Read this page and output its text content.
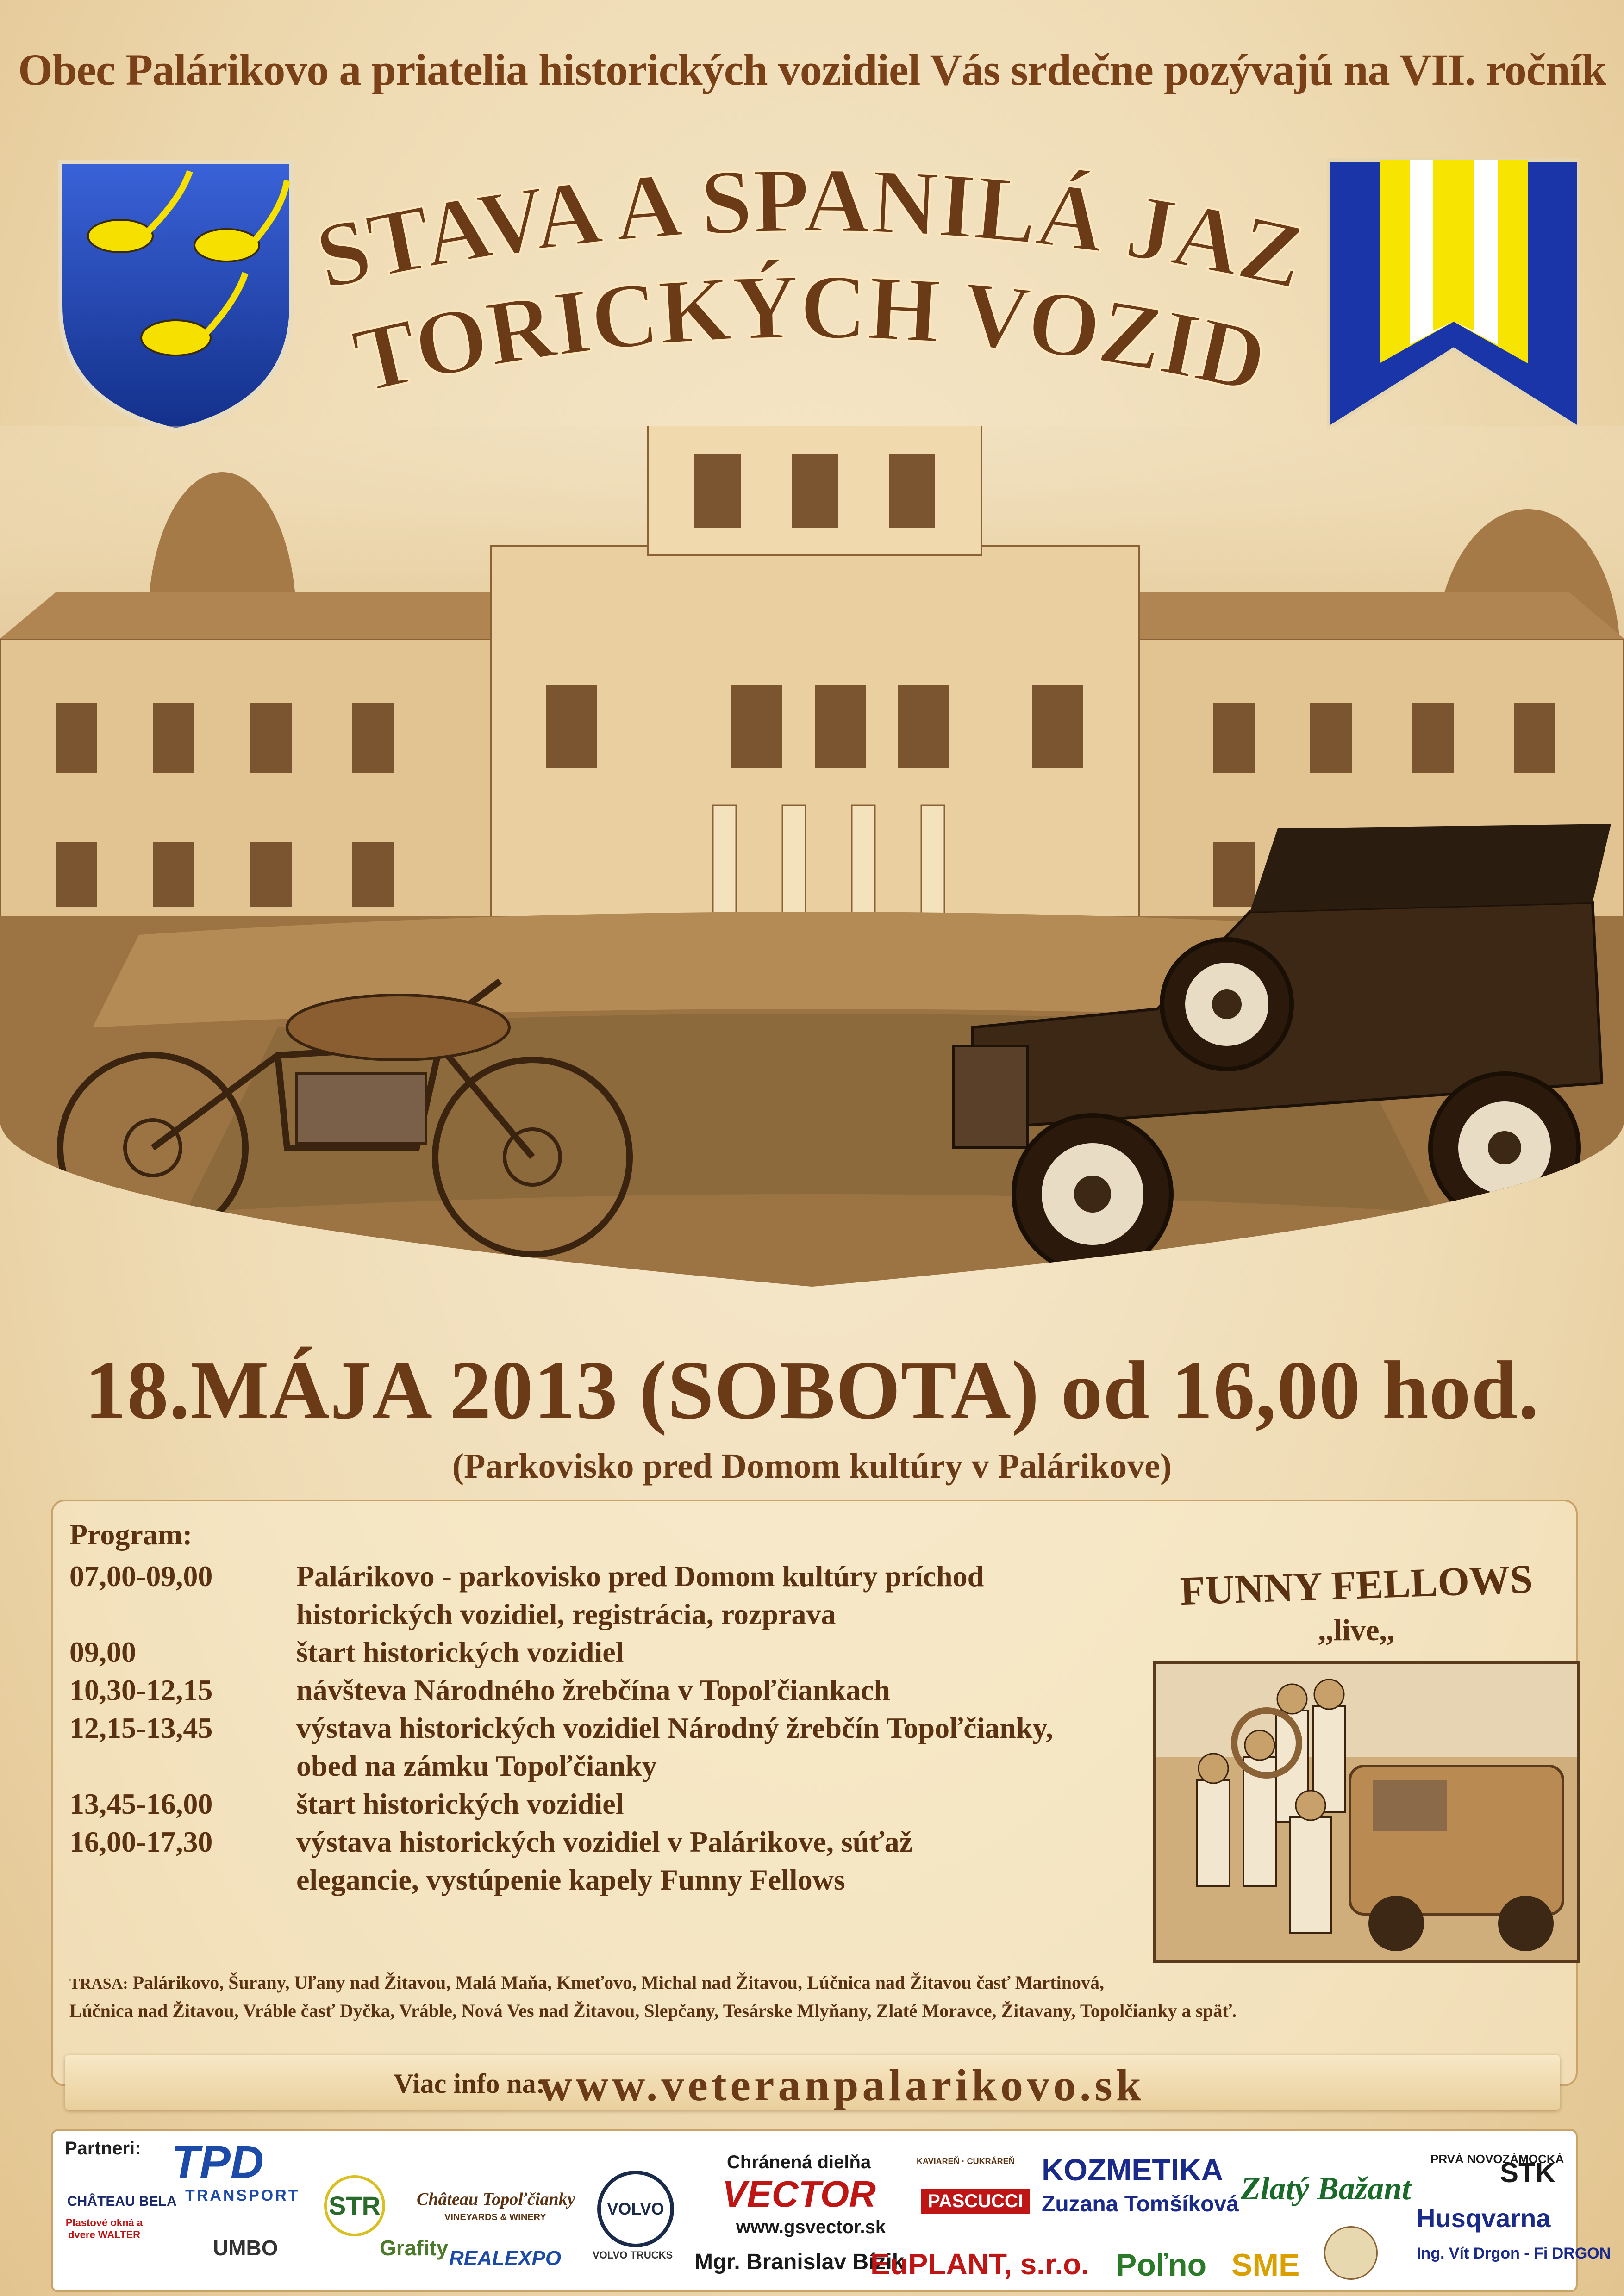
Obec Palárikovo a priatelia historických vozidiel Vás srdečne pozývajú na VII. ročník
STAVA A SPANILÁ JAZ
TORICKÝCH VOZID
18.MÁJA 2013 (SOBOTA) od 16,00 hod.
(Parkovisko pred Domom kultúry v Palárikove)
Program:
07,00-09,00	Palárikovo - parkovisko pred Domom kultúry príchod
historických vozidiel, registrácia, rozprava
09,00	štart historických vozidiel
10,30-12,15	návšteva Národného žrebčína v Topoľčiankach
12,15-13,45	výstava historických vozidiel Národný žrebčín Topoľčianky,
obed na zámku Topoľčianky
13,45-16,00	štart historických vozidiel
16,00-17,30	výstava historických vozidiel v Palárikove, súťaž
elegancie, vystúpenie kapely Funny Fellows
FUNNY FELLOWS
,,live,,
TRASA: Palárikovo, Šurany, Uľany nad Žitavou, Malá Maňa, Kmeťovo, Michal nad Žitavou, Lúčnica nad Žitavou časť Martinová,
Lúčnica nad Žitavou, Vráble časť Dyčka, Vráble, Nová Ves nad Žitavou, Slepčany, Tesárske Mlyňany, Zlaté Moravce, Žitavany, Topolčianky a späť.
Viac info na:
www.veteranpalarikovo.sk
Partneri:
CHÂTEAU BELA
Plastové okná a dvere WALTER
TPD
TRANSPORT
UMBO
STR
Grafity
Château Topoľčianky
VINEYARDS & WINERY
REALEXPO
VOLVO
VOLVO TRUCKS Mgr. Branislav Bízik
Chránená dielňa
VECTOR
www.gsvector.sk
KAVIAREŇ · CUKRÁREŇ
PASCUCCI
EuPLANT, s.r.o.
KOZMETIKA
Zuzana Tomšíková
Poľno SME
Zlatý Bažant
PRVÁ NOVOZÁMOCKÁ
STK
Husqvarna
Ing. Vít Drgon - Fi DRGON
